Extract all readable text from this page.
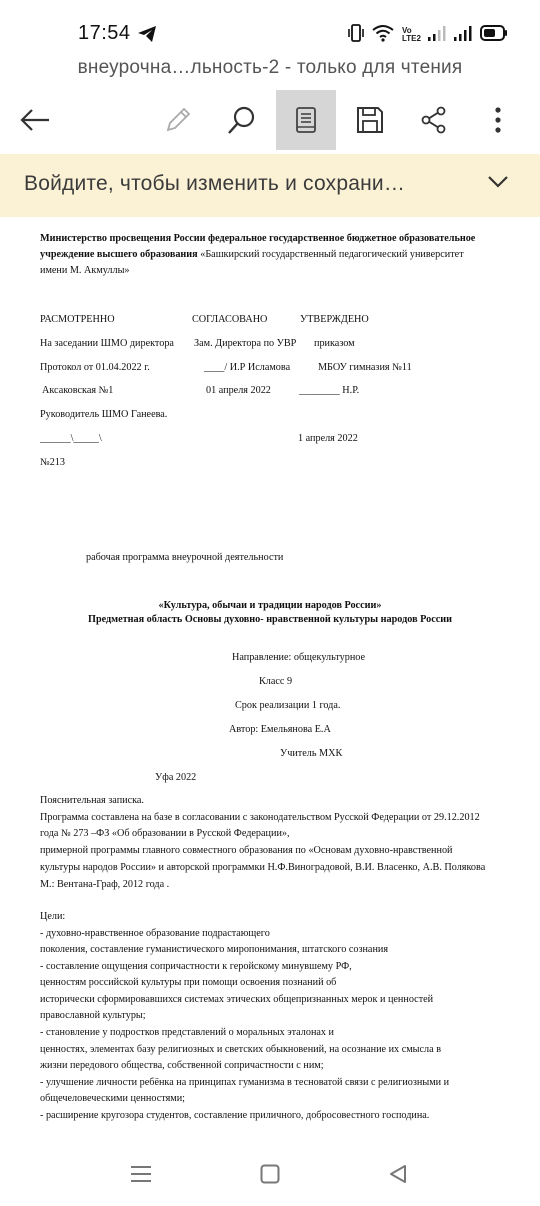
17:54	Vo
LTE2
внеурочна…льность-2 - только для чтения
Войдите, чтобы изменить и сохрани…
Министерство просвещения России федеральное государственное бюджетное образовательное
учреждение высшего образования «Башкирский государственный педагогический университет
имени М. Акмуллы»
РАСМОТРЕННО	СОГЛАСОВАНО	УТВЕРЖДЕНО
На заседании ШМО директора Зам. Директора по УВР приказом
Протокол от 01.04.2022 г.	____/ И.Р Исламова	МБОУ гимназия №11
Аксаковская №1	01 апреля 2022	________ Н.Р.
Руководитель ШМО Ганеева.
______\_____\	1 апреля 2022
№213
рабочая программа внеурочной деятельности
«Культура, обычаи и традиции народов России»
Предметная область Основы духовно- нравственной культуры народов России
Направление: общекультурное
Класс 9
Срок реализации 1 года.
Автор: Емельянова Е.А
Учитель МХК
Уфа 2022
Пояснительная записка.
Программа составлена на базе в согласовании с законодательством Русской Федерации от 29.12.2012
года № 273 –ФЗ «Об образовании в Русской Федерации»,
примерной программы главного совместного образования по «Основам духовно-нравственной
культуры народов России» и авторской программки Н.Ф.Виноградовой, В.И. Власенко, А.В. Полякова
М.: Вентана-Граф, 2012 года .
Цели:
- духовно-нравственное образование подрастающего
поколения, составление гуманистического миропонимания, штатского сознания
- составление ощущения сопричастности к геройскому минувшему РФ,
ценностям российской культуры при помощи освоения познаний об
исторически сформировавшихся системах этических общепризнанных мерок и ценностей
православной культуры;
- становление у подростков представлений о моральных эталонах и
ценностях, элементах базу религиозных и светских обыкновений, на осознание их смысла в
жизни передового общества, собственной сопричастности с ним;
- улучшение личности ребёнка на принципах гуманизма в тесноватой связи с религиозными и
общечеловеческими ценностями;
- расширение кругозора студентов, составление приличного, добросовестного господина.
